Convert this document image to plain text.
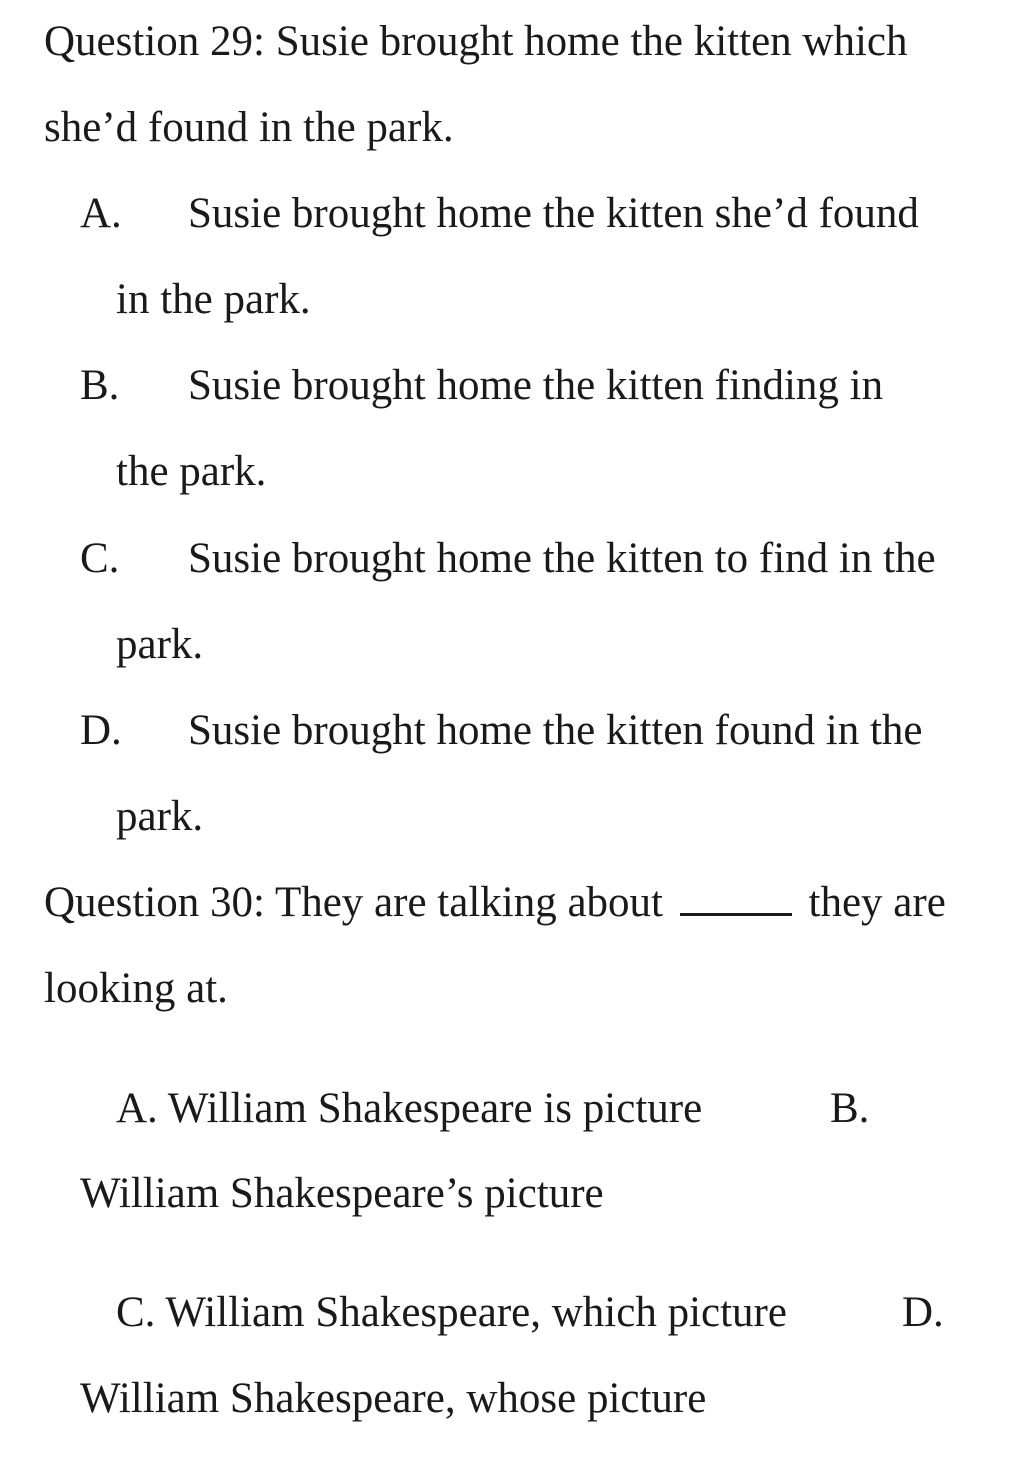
Question 29: Susie brought home the kitten which
she’d found in the park.
A. Susie brought home the kitten she’d found
in the park.
B. Susie brought home the kitten finding in
the park.
C. Susie brought home the kitten to find in the
park.
D. Susie brought home the kitten found in the
park.
Question 30: They are talking about	they are
looking at.
A. William Shakespeare is picture	B.
William Shakespeare’s picture
C. William Shakespeare, which picture	D.
William Shakespeare, whose picture
